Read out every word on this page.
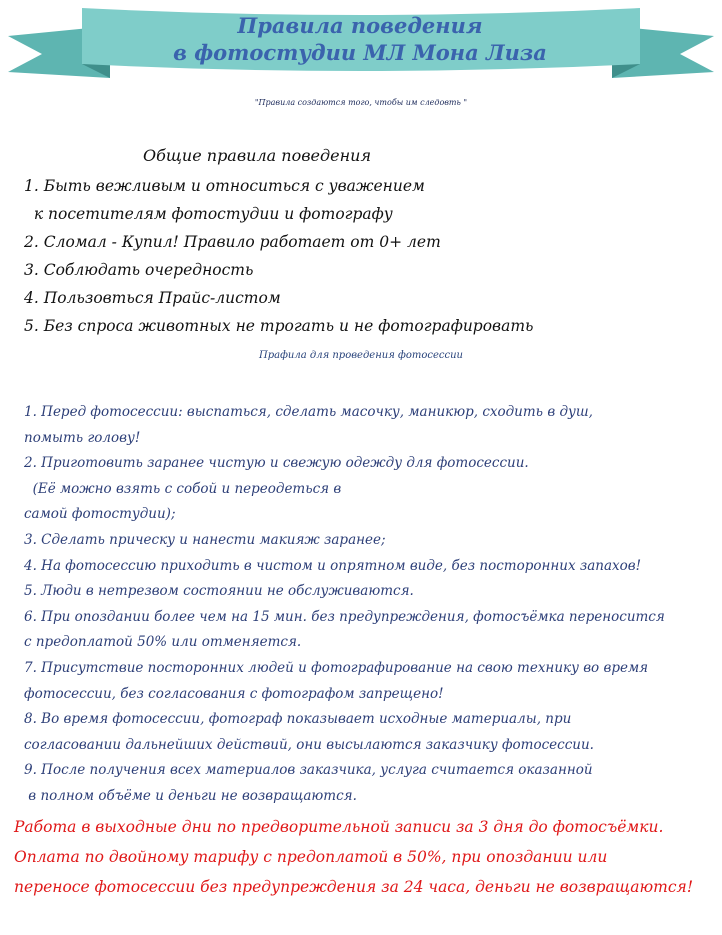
Правила поведения
в фотостудии МЛ Мона Лиза
"Правила создаются того, чтобы им следовть "
Общие правила поведения
1. Быть вежливым и относиться с уважением
к посетителям фотостудии и фотографу
2. Сломал - Купил! Правило работает от 0+ лет
3. Соблюдать очередность
4. Пользовться Прайс-листом
5. Без спроса животных не трогать и не фотографировать
Прафила для проведения фотосессии
1. Перед фотосессии: выспаться, сделать масочку, маникюр, сходить в душ,
помыть голову!
2. Приготовить заранее чистую и свежую одежду для фотосессии.
(Её можно взять с собой и переодеться в
самой фотостудии);
3. Сделать прическу и нанести макияж заранее;
4. На фотосессию приходить в чистом и опрятном виде, без посторонних запахов!
5. Люди в нетрезвом состоянии не обслуживаются.
6. При опоздании более чем на 15 мин. без предупреждения, фотосъёмка переносится
с предоплатой 50% или отменяется.
7. Присутствие посторонних людей и фотографирование на свою технику во время
фотосессии, без согласования с фотографом запрещено!
8. Во время фотосессии, фотограф показывает исходные материалы, при
согласовании дальнейших действий, они высылаются заказчику фотосессии.
9. После получения всех материалов заказчика, услуга считается оказанной
в полном объёме и деньги не возвращаются.
Работа в выходные дни по предворительной записи за 3 дня до фотосъёмки.
Оплата по двойному тарифу с предоплатой в 50%, при опоздании или
переносе фотосессии без предупреждения за 24 часа, деньги не возвращаются!
